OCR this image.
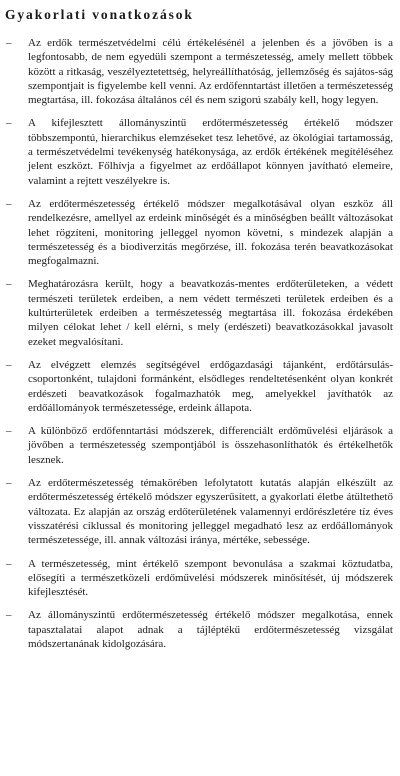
Gyakorlati vonatkozások
–	Az erdők természetvédelmi célú értékelésénél a jelenben és a jövőben is a legfontosabb, de nem egyedüli szempont a természetesség, amely mellett többek között a ritkaság, veszélyeztetettség, helyreállíthatóság, jellemzőség és sajátos-ság szempontjait is figyelembe kell venni. Az erdőfenntartást illetően a természetesség megtartása, ill. fokozása általános cél és nem szigorú szabály kell, hogy legyen.
–	A kifejlesztett állományszintű erdőtermészetesség értékelő módszer többszempontú, hierarchikus elemzéseket tesz lehetővé, az ökológiai tartamosság, a természetvédelmi tevékenység hatékonysága, az erdők értékének megítéléséhez jelent eszközt. Főlhívja a figyelmet az erdőállapot könnyen javítható elemeire, valamint a rejtett veszélyekre is.
–	Az erdőtermészetesség értékelő módszer megalkotásával olyan eszköz áll rendelkezésre, amellyel az erdeink minőségét és a minőségben beállt változásokat lehet rögzíteni, monitoring jelleggel nyomon követni, s mindezek alapján a természetesség és a biodiverzitás megőrzése, ill. fokozása terén beavatkozásokat megfogalmazni.
–	Meghatározásra került, hogy a beavatkozás-mentes erdőterületeken, a védett természeti területek erdeiben, a nem védett természeti területek erdeiben és a kultúrterületek erdeiben a természetesség megtartása ill. fokozása érdekében milyen célokat lehet / kell elérni, s mely (erdészeti) beavatkozásokkal javasolt ezeket megvalósítani.
–	Az elvégzett elemzés segítségével erdőgazdasági tájanként, erdőtársulás-csoportonként, tulajdoni formánként, elsődleges rendeltetésenként olyan konkrét erdészeti beavatkozások fogalmazhatók meg, amelyekkel javíthatók az erdőállományok természetessége, erdeink állapota.
–	A különböző erdőfenntartási módszerek, differenciált erdőművelési eljárások a jövőben a természetesség szempontjából is összehasonlíthatók és értékelhetők lesznek.
–	Az erdőtermészetesség témakörében lefolytatott kutatás alapján elkészült az erdőtermészetesség értékelő módszer egyszerűsített, a gyakorlati életbe átültethető változata. Ez alapján az ország erdőterületének valamennyi erdőrészletére tíz éves visszatérési ciklussal és monitoring jelleggel megadható lesz az erdőállományok természetessége, ill. annak változási iránya, mértéke, sebessége.
–	A természetesség, mint értékelő szempont bevonulása a szakmai köztudatba, elősegíti a természetközeli erdőművelési módszerek minősítését, új módszerek kifejlesztését.
–	Az állományszintű erdőtermészetesség értékelő módszer megalkotása, ennek tapasztalatai alapot adnak a tájléptékű erdőtermészetesség vizsgálat módszertanának kidolgozására.
